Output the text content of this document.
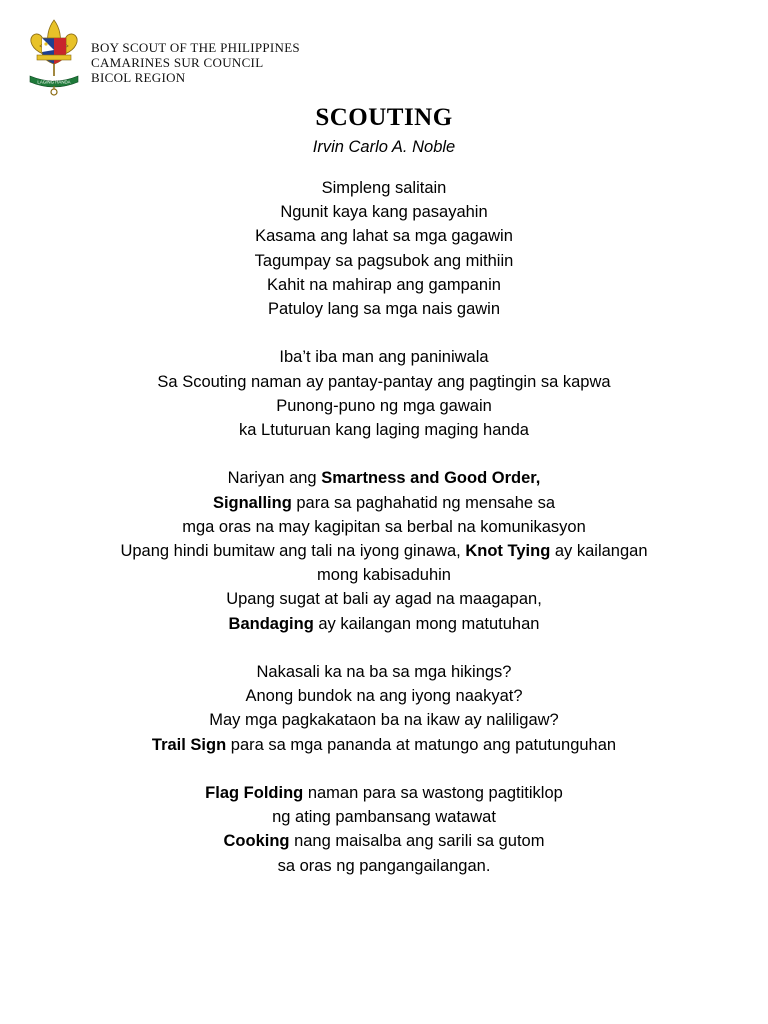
LAGING HANDA
BOY SCOUT OF THE PHILIPPINES
CAMARINES SUR COUNCIL
BICOL REGION
SCOUTING
Irvin Carlo A. Noble
Simpleng salitain
Ngunit kaya kang pasayahin
Kasama ang lahat sa mga gagawin
Tagumpay sa pagsubok ang mithiin
Kahit na mahirap ang gampanin
Patuloy lang sa mga nais gawin
Iba’t iba man ang paniniwala
Sa Scouting naman ay pantay-pantay ang pagtingin sa kapwa
Punong-puno ng mga gawain
ka Ltuturuan kang laging maging handa
Nariyan ang Smartness and Good Order,
Signalling para sa paghahatid ng mensahe sa
mga oras na may kagipitan sa berbal na komunikasyon
Upang hindi bumitaw ang tali na iyong ginawa, Knot Tying ay kailangan
mong kabisaduhin
Upang sugat at bali ay agad na maagapan,
Bandaging ay kailangan mong matutuhan
Nakasali ka na ba sa mga hikings?
Anong bundok na ang iyong naakyat?
May mga pagkakataon ba na ikaw ay naliligaw?
Trail Sign para sa mga pananda at matungo ang patutunguhan
Flag Folding naman para sa wastong pagtitiklop
ng ating pambansang watawat
Cooking nang maisalba ang sarili sa gutom
sa oras ng pangangailangan.
